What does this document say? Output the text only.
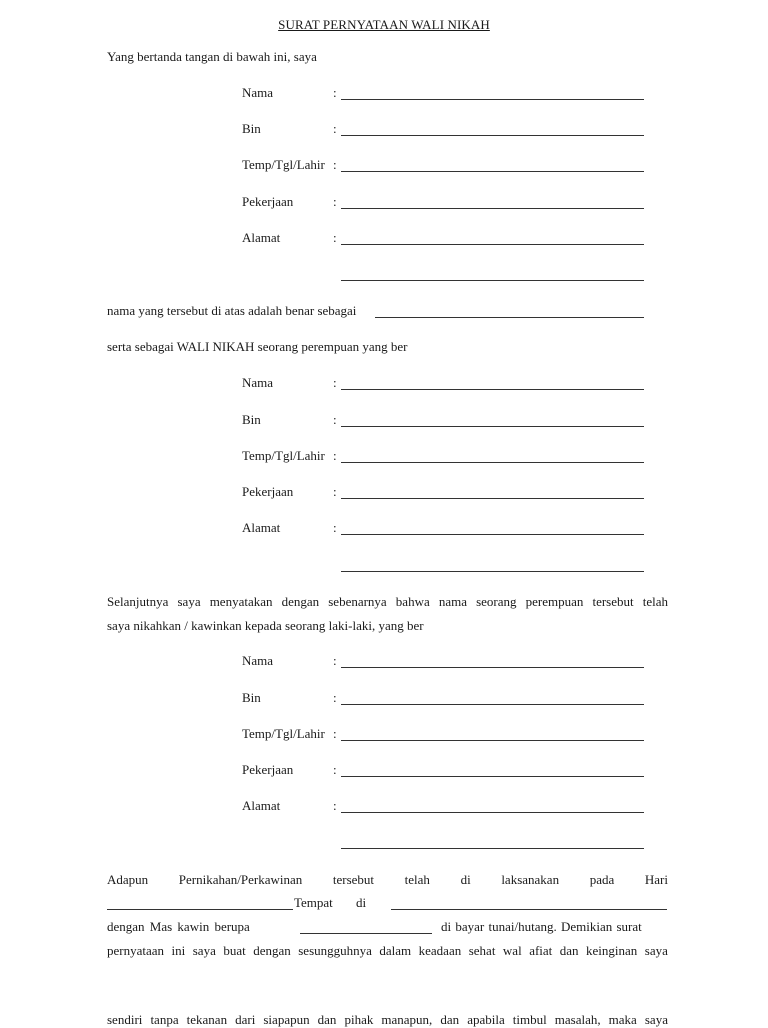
SURAT PERNYATAAN WALI NIKAH
Yang bertanda tangan di bawah ini, saya
Nama	:
Bin	:
Temp/Tgl/Lahir :
Pekerjaan	:
Alamat	:
nama yang tersebut di atas adalah benar sebagai
serta sebagai WALI NIKAH seorang perempuan yang ber
Nama	:
Bin	:
Temp/Tgl/Lahir :
Pekerjaan	:
Alamat	:
Selanjutnya saya menyatakan dengan sebenarnya bahwa nama seorang perempuan tersebut telah
saya nikahkan / kawinkan kepada seorang laki-laki, yang ber
Nama	:
Bin	:
Temp/Tgl/Lahir :
Pekerjaan	:
Alamat	:
Adapun Pernikahan/Perkawinan tersebut telah di laksanakan pada Hari
Tempat di
dengan Mas kawin berupa	di bayar tunai/hutang. Demikian surat
pernyataan ini saya buat dengan sesungguhnya dalam keadaan sehat wal afiat dan keinginan saya
sendiri tanpa tekanan dari siapapun dan pihak manapun, dan apabila timbul masalah, maka saya
